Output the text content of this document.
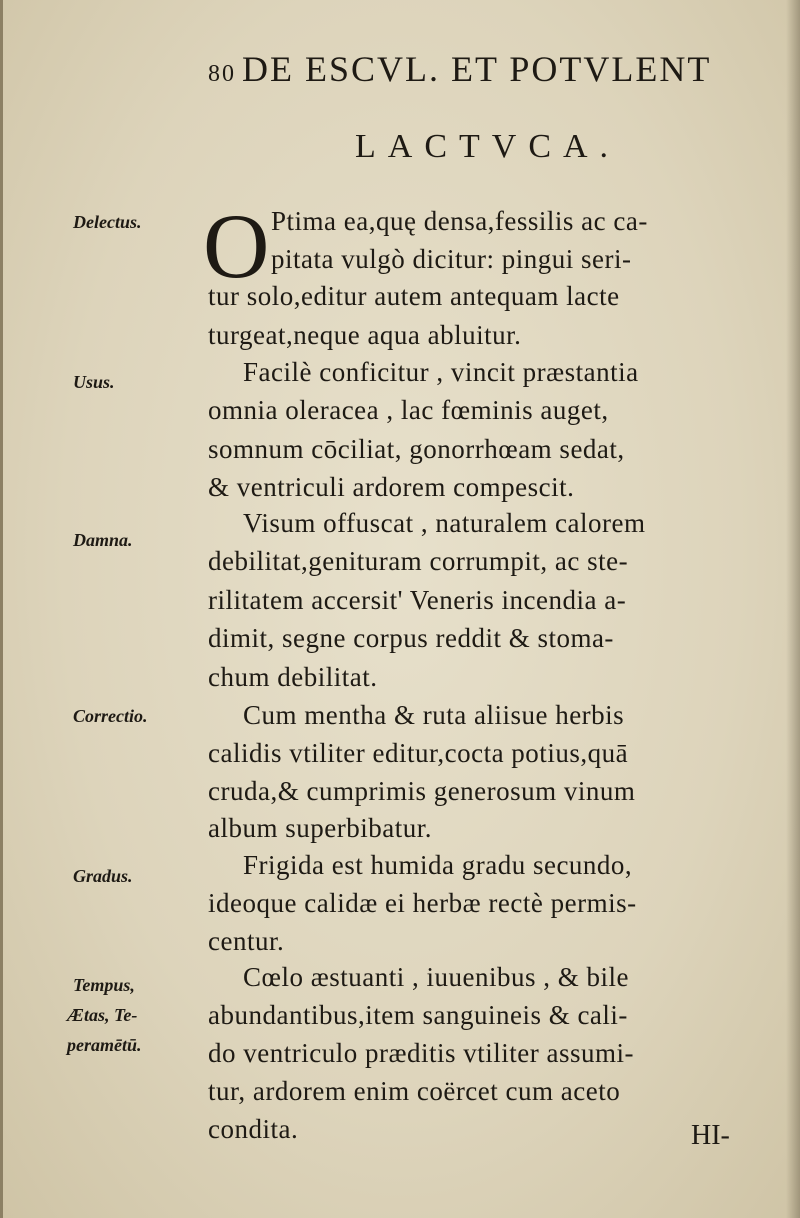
80 DE ESCVL. ET POTVLENT
LACTVCA.
Delectus.
Usus.
Damna.
Correctio.
Gradus.
Tempus,
Ætas, Te-
peramētū.
O Ptima ea,quę densa,fessilis ac ca-
pitata vulgò dicitur: pingui seri-
tur solo,editur autem antequam lacte
turgeat,neque aqua abluitur.
Facilè conficitur , vincit præstantia
omnia oleracea , lac fœminis auget,
somnum cōciliat, gonorrhœam sedat,
& ventriculi ardorem compescit.
Visum offuscat , naturalem calorem
debilitat,genituram corrumpit, ac ste-
rilitatem accersit' Veneris incendia a-
dimit, segne corpus reddit & stoma-
chum debilitat.
Cum mentha & ruta aliisue herbis
calidis vtiliter editur,cocta potius,quā
cruda,& cumprimis generosum vinum
album superbibatur.
Frigida est humida gradu secundo,
ideoque calidæ ei herbæ rectè permis-
centur.
Cœlo æstuanti , iuuenibus , & bile
abundantibus,item sanguineis & cali-
do ventriculo præditis vtiliter assumi-
tur, ardorem enim coërcet cum aceto
condita.	HI-
